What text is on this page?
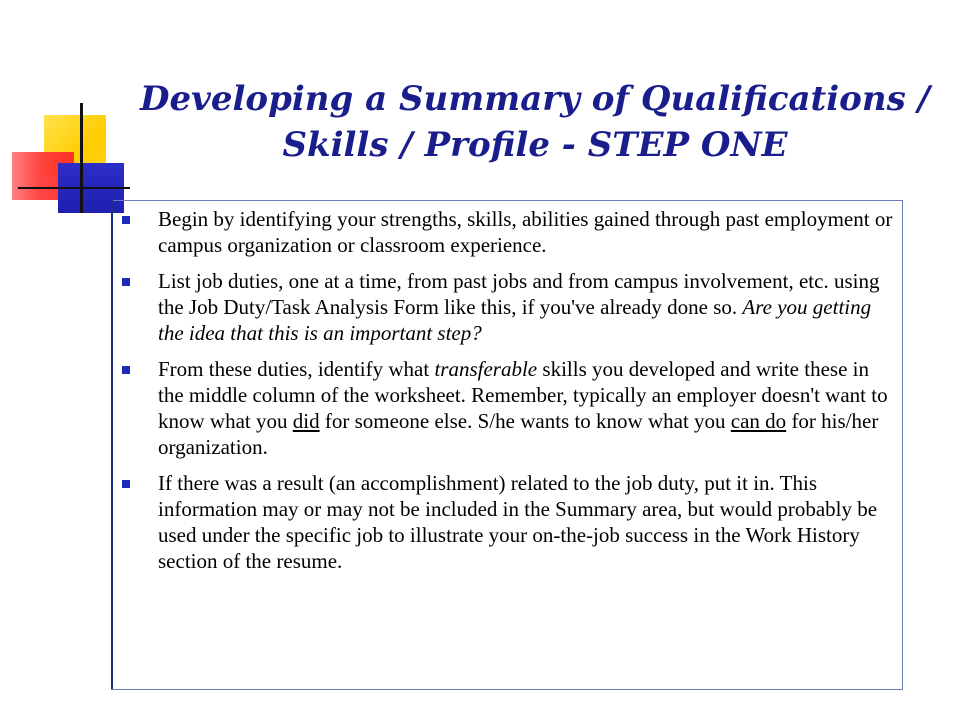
Developing a Summary of Qualifications /
Skills / Profile - STEP ONE
Begin by identifying your strengths, skills, abilities gained through past employment or campus organization or classroom experience.
List job duties, one at a time, from past jobs and from campus involvement, etc. using the Job Duty/Task Analysis Form like this, if you've already done so. Are you getting the idea that this is an important step?
From these duties, identify what transferable skills you developed and write these in the middle column of the worksheet. Remember, typically an employer doesn't want to know what you did for someone else. S/he wants to know what you can do for his/her organization.
If there was a result (an accomplishment) related to the job duty, put it in. This information may or may not be included in the Summary area, but would probably be used under the specific job to illustrate your on-the-job success in the Work History section of the resume.
